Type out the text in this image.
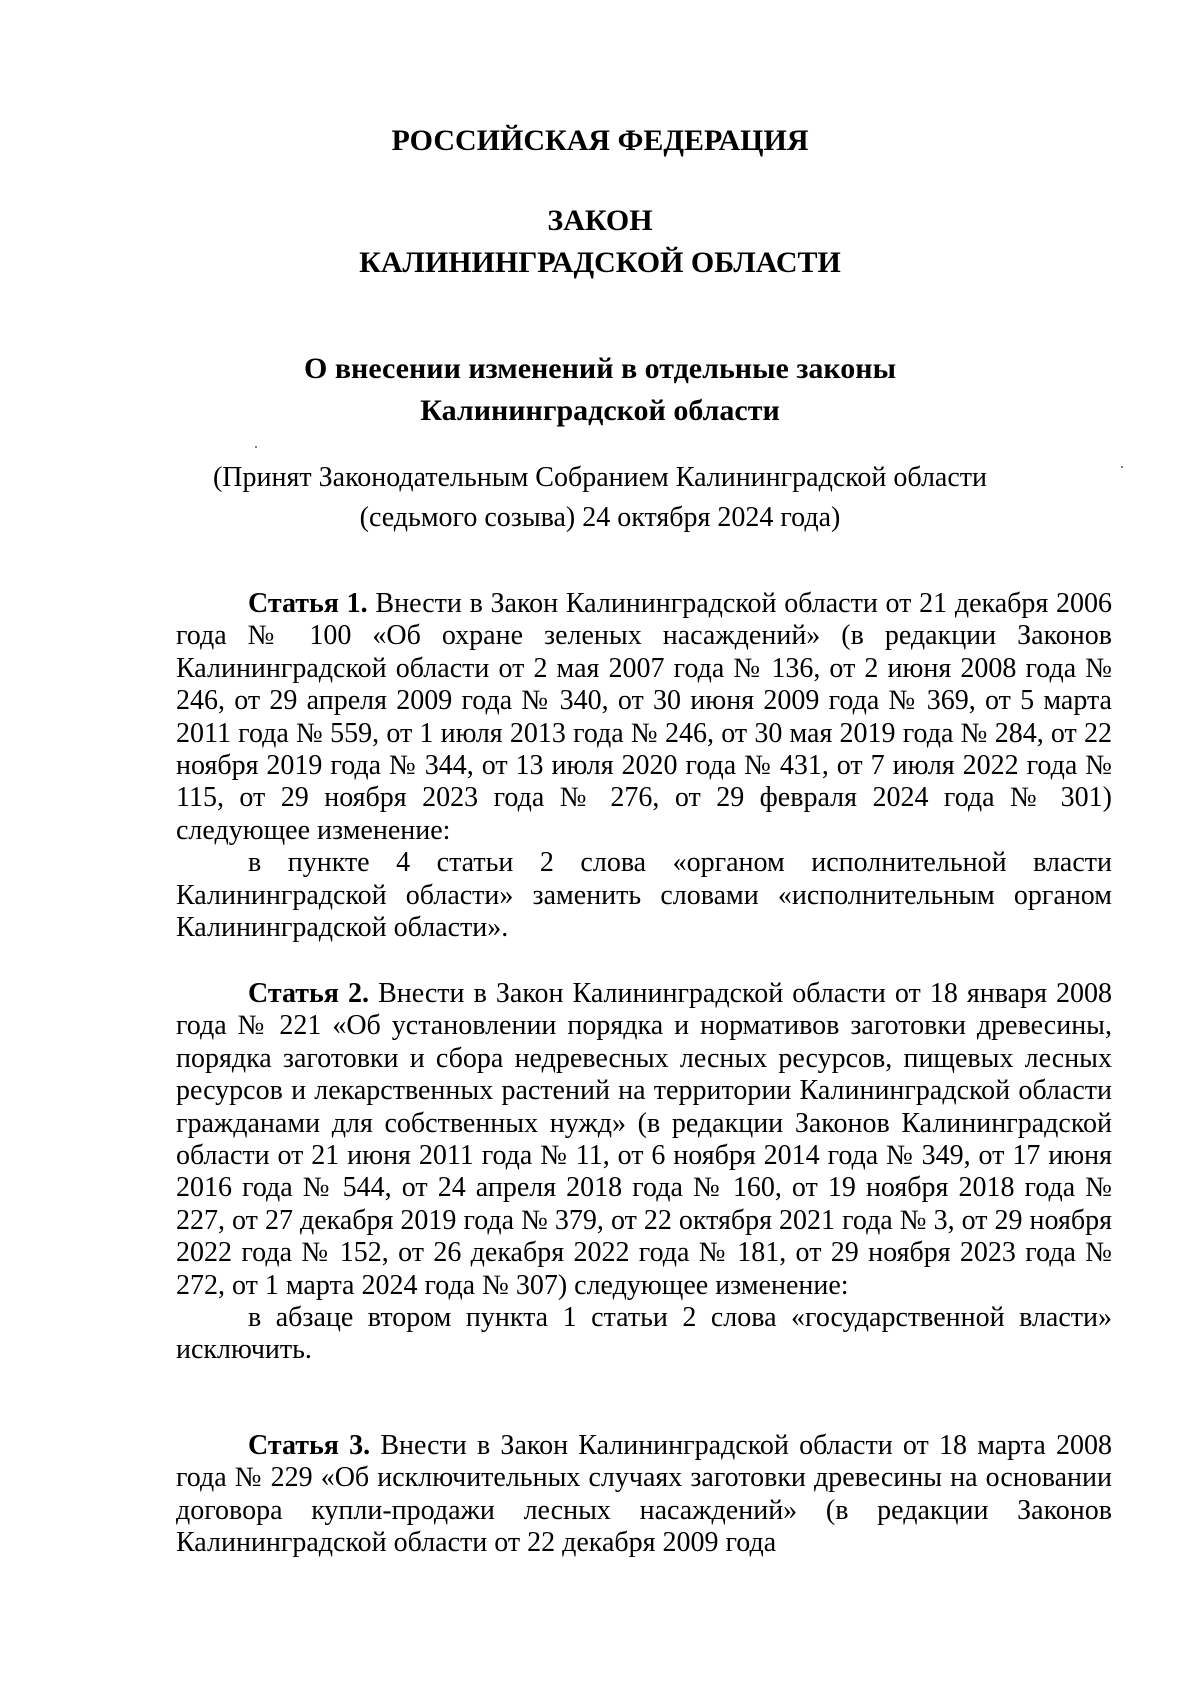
РОССИЙСКАЯ ФЕДЕРАЦИЯ
ЗАКОН
КАЛИНИНГРАДСКОЙ ОБЛАСТИ
О внесении изменений в отдельные законы
Калининградской области
(Принят Законодательным Собранием Калининградской области
(седьмого созыва) 24 октября 2024 года)

Статья 1. Внести в Закон Калининградской области от 21 декабря 2006 года № 100 «Об охране зеленых насаждений» (в редакции Законов Калининградской области от 2 мая 2007 года № 136, от 2 июня 2008 года № 246, от 29 апреля 2009 года № 340, от 30 июня 2009 года № 369, от 5 марта 2011 года № 559, от 1 июля 2013 года № 246, от 30 мая 2019 года № 284, от 22 ноября 2019 года № 344, от 13 июля 2020 года № 431, от 7 июля 2022 года № 115, от 29 ноября 2023 года № 276, от 29 февраля 2024 года № 301) следующее изменение:

в пункте 4 статьи 2 слова «органом исполнительной власти Калининградской области» заменить словами «исполнительным органом Калининградской области».

Статья 2. Внести в Закон Калининградской области от 18 января 2008 года № 221 «Об установлении порядка и нормативов заготовки древесины, порядка заготовки и сбора недревесных лесных ресурсов, пищевых лесных ресурсов и лекарственных растений на территории Калининградской области гражданами для собственных нужд» (в редакции Законов Калининградской области от 21 июня 2011 года № 11, от 6 ноября 2014 года № 349, от 17 июня 2016 года № 544, от 24 апреля 2018 года № 160, от 19 ноября 2018 года № 227, от 27 декабря 2019 года № 379, от 22 октября 2021 года № 3, от 29 ноября 2022 года № 152, от 26 декабря 2022 года № 181, от 29 ноября 2023 года № 272, от 1 марта 2024 года № 307) следующее изменение:

в абзаце втором пункта 1 статьи 2 слова «государственной власти» исключить.

Статья 3. Внести в Закон Калининградской области от 18 марта 2008 года № 229 «Об исключительных случаях заготовки древесины на основании договора купли-продажи лесных насаждений» (в редакции Законов Калининградской области от 22 декабря 2009 года
